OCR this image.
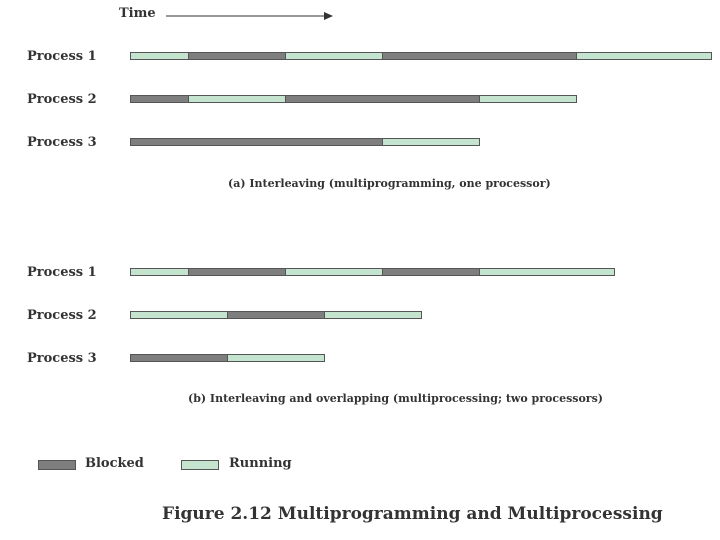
Time
Process 1
Process 2
Process 3
(a) Interleaving (multiprogramming, one processor)
Process 1
Process 2
Process 3
(b) Interleaving and overlapping (multiprocessing; two processors)
Blocked	Running
Figure 2.12 Multiprogramming and Multiprocessing
